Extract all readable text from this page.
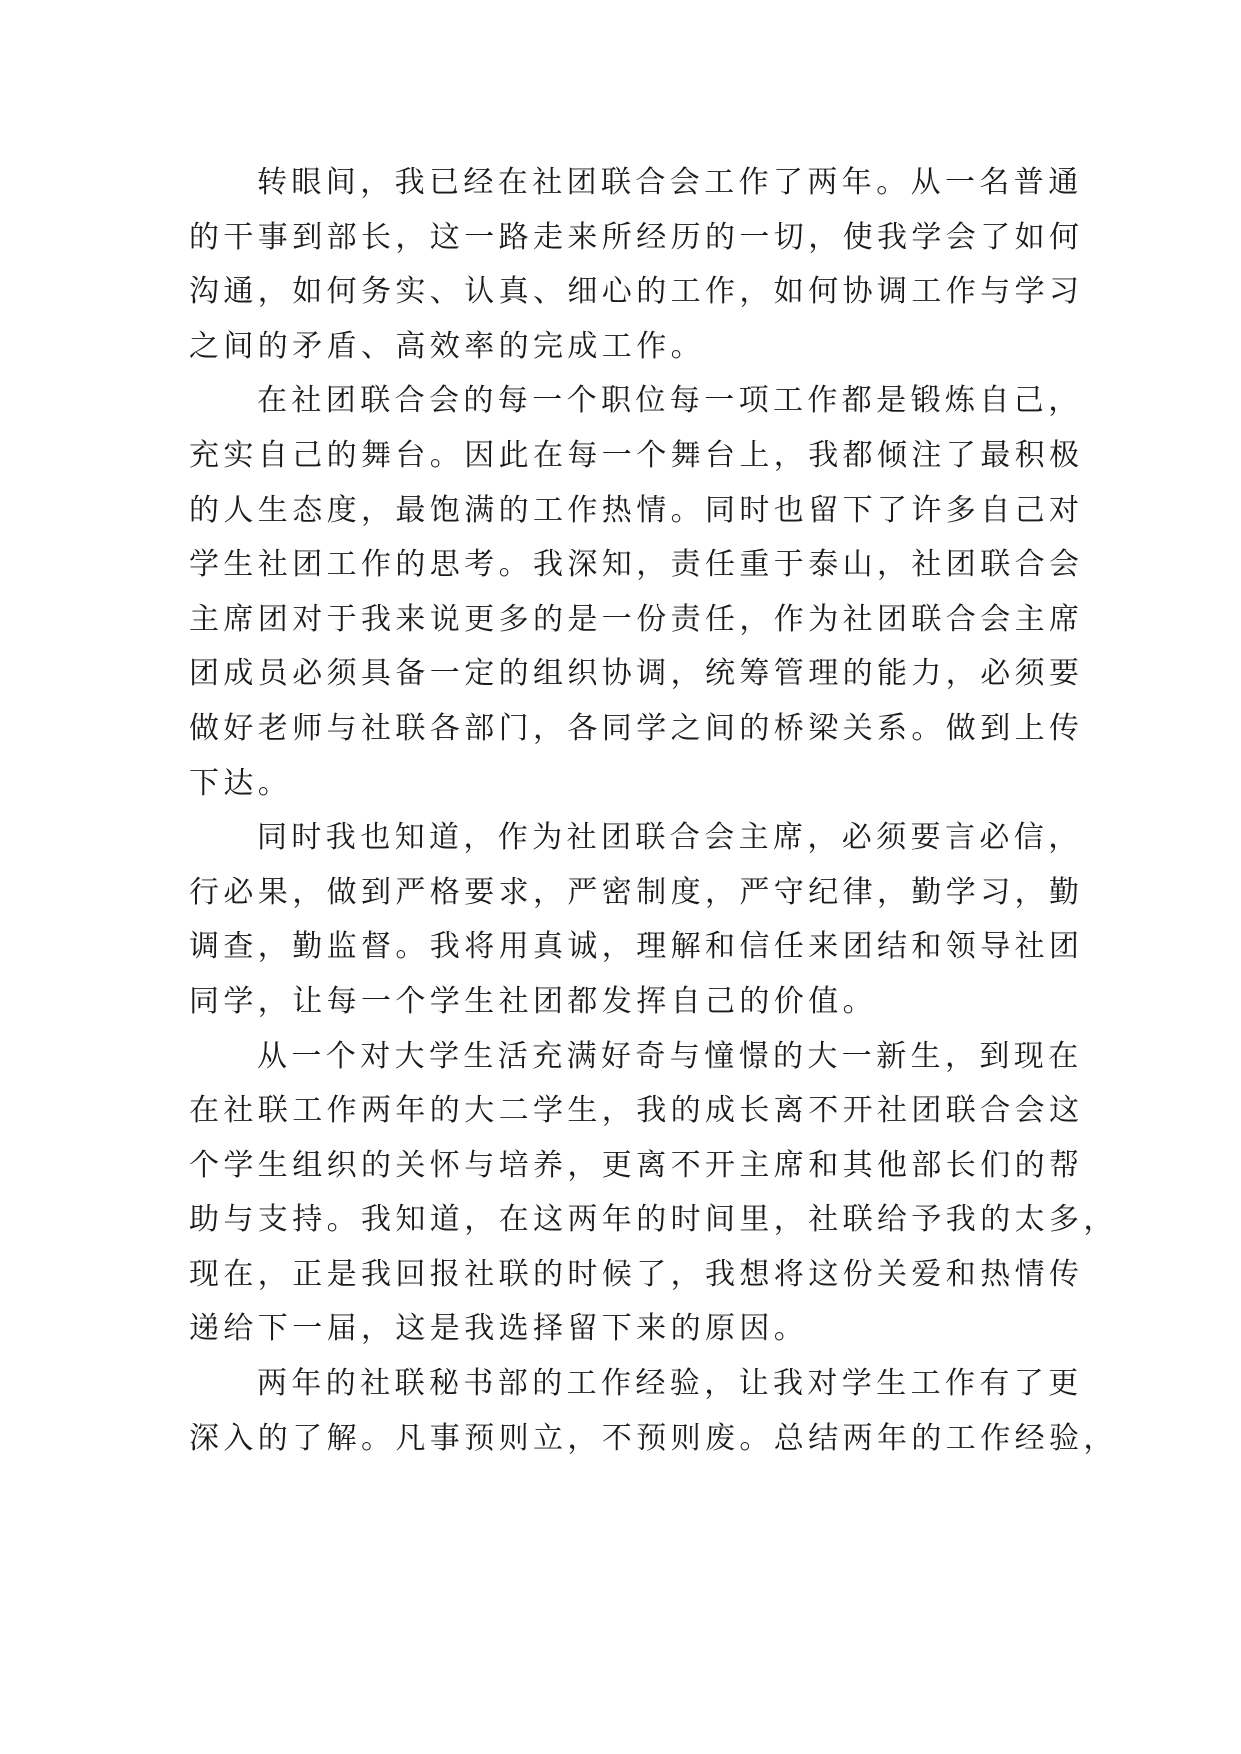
转眼间，我已经在社团联合会工作了两年。从一名普通
的干事到部长，这一路走来所经历的一切，使我学会了如何
沟通，如何务实、认真、细心的工作，如何协调工作与学习
之间的矛盾、高效率的完成工作。
在社团联合会的每一个职位每一项工作都是锻炼自己，
充实自己的舞台。因此在每一个舞台上，我都倾注了最积极
的人生态度，最饱满的工作热情。同时也留下了许多自己对
学生社团工作的思考。我深知，责任重于泰山，社团联合会
主席团对于我来说更多的是一份责任，作为社团联合会主席
团成员必须具备一定的组织协调，统筹管理的能力，必须要
做好老师与社联各部门，各同学之间的桥梁关系。做到上传
下达。
同时我也知道，作为社团联合会主席，必须要言必信，
行必果，做到严格要求，严密制度，严守纪律，勤学习，勤
调查，勤监督。我将用真诚，理解和信任来团结和领导社团
同学，让每一个学生社团都发挥自己的价值。
从一个对大学生活充满好奇与憧憬的大一新生，到现在
在社联工作两年的大二学生，我的成长离不开社团联合会这
个学生组织的关怀与培养，更离不开主席和其他部长们的帮
助与支持。我知道，在这两年的时间里，社联给予我的太多，
现在，正是我回报社联的时候了，我想将这份关爱和热情传
递给下一届，这是我选择留下来的原因。
两年的社联秘书部的工作经验，让我对学生工作有了更
深入的了解。凡事预则立，不预则废。总结两年的工作经验，
